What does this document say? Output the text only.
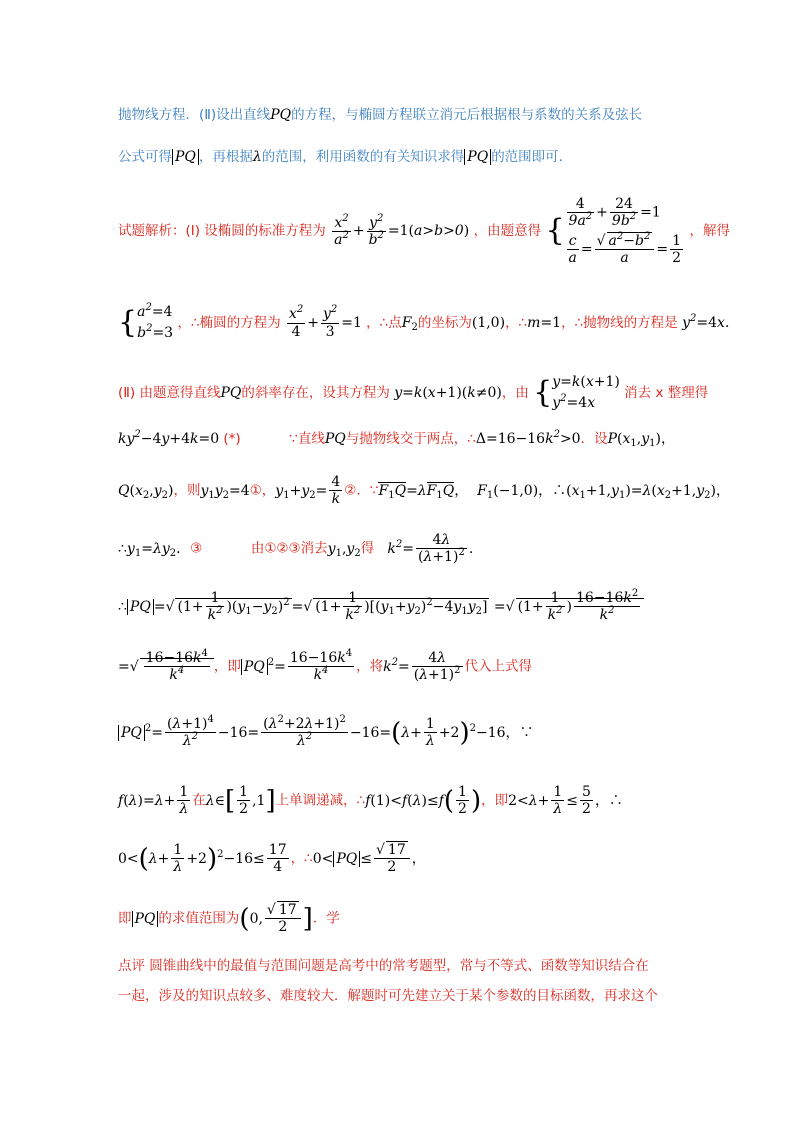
抛物线方程．(Ⅱ)设出直线PQ的方程，与椭圆方程联立消元后根据根与系数的关系及弦长
公式可得 PQ ，再根据λ的范围，利用函数的有关知识求得 PQ 的范围即可．
试题解析：(Ⅰ) 设椭圆的标准方程为 $\frac{x^2}{a^2} + \frac{y^2}{b^2} =1(a>b>0)$ ，由题意得 {
$\frac{4}{9a^2} + \frac{24}{9b^2} =1$
$\frac{c}{a} = \frac{√ a^2-b^2}{a} = \frac{1}{2}$
，解得
{ $a^2=4$
$b^2=3$
，∴椭圆的方程为 $\frac{x^2}{4} + \frac{y^2}{3} =1$ ，∴点$F_2$的坐标为(1,0)，∴m=1，∴抛物线的方程是 $y^2=4x$.
(Ⅱ) 由题意得直线PQ的斜率存在，设其方程为 y=k(x+1)(k≠0)，由 { y=k(x+1)
$y^2=4x$
消去 x 整理得
$ky^2-4y+4k=0$ (*)	∵直线PQ与抛物线交于两点，$\therefore\Delta=16-16k^2>0$．设$P(x_1,y_1)$，
$Q(x_2,y_2)$，则$y_1y_2=4①$，$y_1+y_2= \frac{4}{k}$ ②．$\because F_1Q=\lambda F_1Q$，  $F_1(-1,0)$，$\therefore(x_1+1,y_1)=\lambda(x_2+1,y_2)$，
$\therefore y_1=\lambda y_2$．③	由①②③消去$y_1,y_2$得   $k^2= \frac{4\lambda}{(\lambda+1)^2}$ .
∴ PQ =√ $(1+ \frac{1}{k^2} )(y_1-y_2)^2$ =√ $(1+ \frac{1}{k^2} )[(y_1+y_2)^2-4y_1y_2]$ =√ ($1+ \frac{1}{k^2}$ ) $\frac{16-16k^2}{k^2}$
=√ $\frac{16-16k^4}{k^4}$ ，即 PQ $^2= \frac{16-16k^4}{k^4}$ ，将$k^2= \frac{4\lambda}{(\lambda+1)^2}$ 代入上式得
PQ $^2= \frac{(\lambda+1)^4}{\lambda^2} -16= \frac{(\lambda^2+2\lambda+1)^2}{\lambda^2} -16=(\lambda+ \frac{1}{\lambda} +2)^2-16$，∵
$f(\lambda)=\lambda+ \frac{1}{\lambda}$ 在λ∈[ $\frac{1}{2} ,1$]上单调递减，∴f(1)<f(λ)≤f( $\frac{1}{2}$ )，即$2<\lambda+ \frac{1}{\lambda} \le \frac{5}{2}$ ，∴
$0<(\lambda+ \frac{1}{\lambda} +2)^2-16\le \frac{17}{4}$ ，∴0< PQ ≤ $\frac{√ 17}{2}$ ，
即 PQ 的求值范围为(0, $\frac{√ 17}{2}$ ]．学
点评 圆锥曲线中的最值与范围问题是高考中的常考题型，常与不等式、函数等知识结合在
一起，涉及的知识点较多、难度较大．解题时可先建立关于某个参数的目标函数，再求这个
